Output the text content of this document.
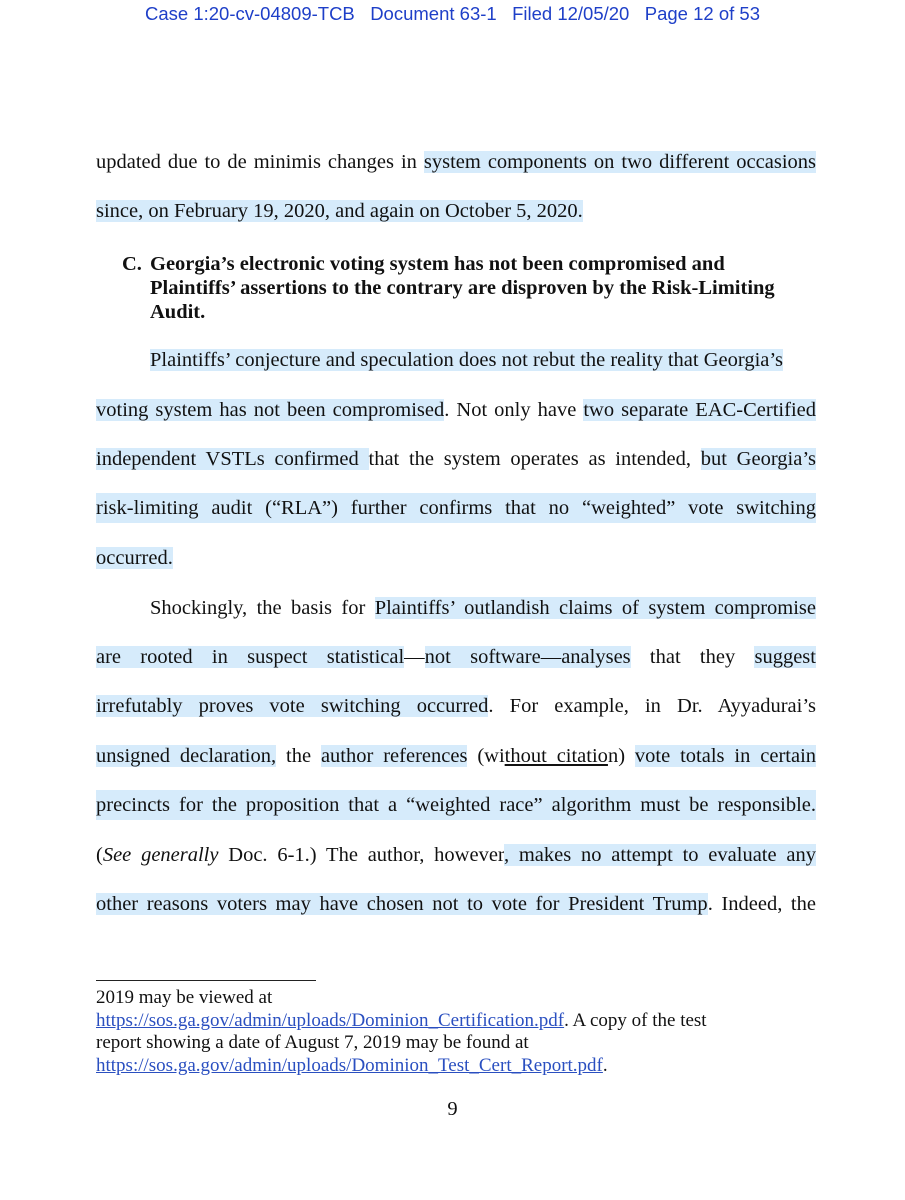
Case 1:20-cv-04809-TCB   Document 63-1   Filed 12/05/20   Page 12 of 53
updated due to de minimis changes in system components on two different occasions
since, on February 19, 2020, and again on October 5, 2020.
C. Georgia’s electronic voting system has not been compromised and
Plaintiffs’ assertions to the contrary are disproven by the Risk-Limiting
Audit.
Plaintiffs’ conjecture and speculation does not rebut the reality that Georgia’s
voting system has not been compromised. Not only have two separate EAC-Certified
independent VSTLs confirmed that the system operates as intended, but Georgia’s
risk-limiting audit (“RLA”) further confirms that no “weighted” vote switching
occurred.
Shockingly, the basis for Plaintiffs’ outlandish claims of system compromise
are rooted in suspect statistical—not software—analyses that they suggest
irrefutably proves vote switching occurred. For example, in Dr. Ayyadurai’s
unsigned declaration, the author references (without citation) vote totals in certain
precincts for the proposition that a “weighted race” algorithm must be responsible.
(See generally Doc. 6-1.) The author, however, makes no attempt to evaluate any
other reasons voters may have chosen not to vote for President Trump. Indeed, the
2019 may be viewed at
https://sos.ga.gov/admin/uploads/Dominion_Certification.pdf. A copy of the test
report showing a date of August 7, 2019 may be found at
https://sos.ga.gov/admin/uploads/Dominion_Test_Cert_Report.pdf.
9
